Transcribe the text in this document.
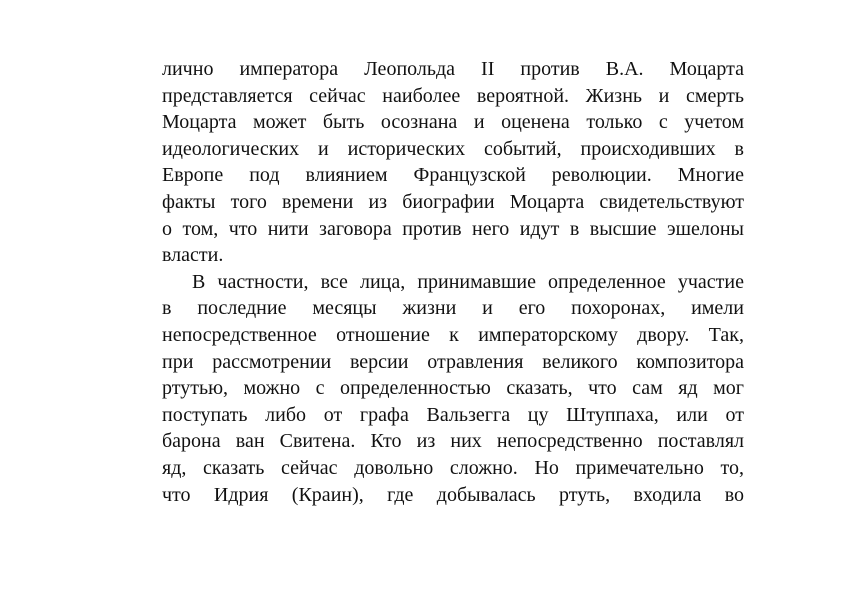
лично императора Леопольда II против В.А. Моцарта
представляется сейчас наиболее вероятной. Жизнь и смерть
Моцарта может быть осознана и оценена только с учетом
идеологических и исторических событий, происходивших в
Европе под влиянием Французской революции. Многие
факты того времени из биографии Моцарта свидетельствуют
о том, что нити заговора против него идут в высшие эшелоны
власти.
В частности, все лица, принимавшие определенное участие
в последние месяцы жизни и его похоронах, имели
непосредственное отношение к императорскому двору. Так,
при рассмотрении версии отравления великого композитора
ртутью, можно с определенностью сказать, что сам яд мог
поступать либо от графа Вальзегга цу Штуппаха, или от
барона ван Свитена. Кто из них непосредственно поставлял
яд, сказать сейчас довольно сложно. Но примечательно то,
что Идрия (Краин), где добывалась ртуть, входила во
